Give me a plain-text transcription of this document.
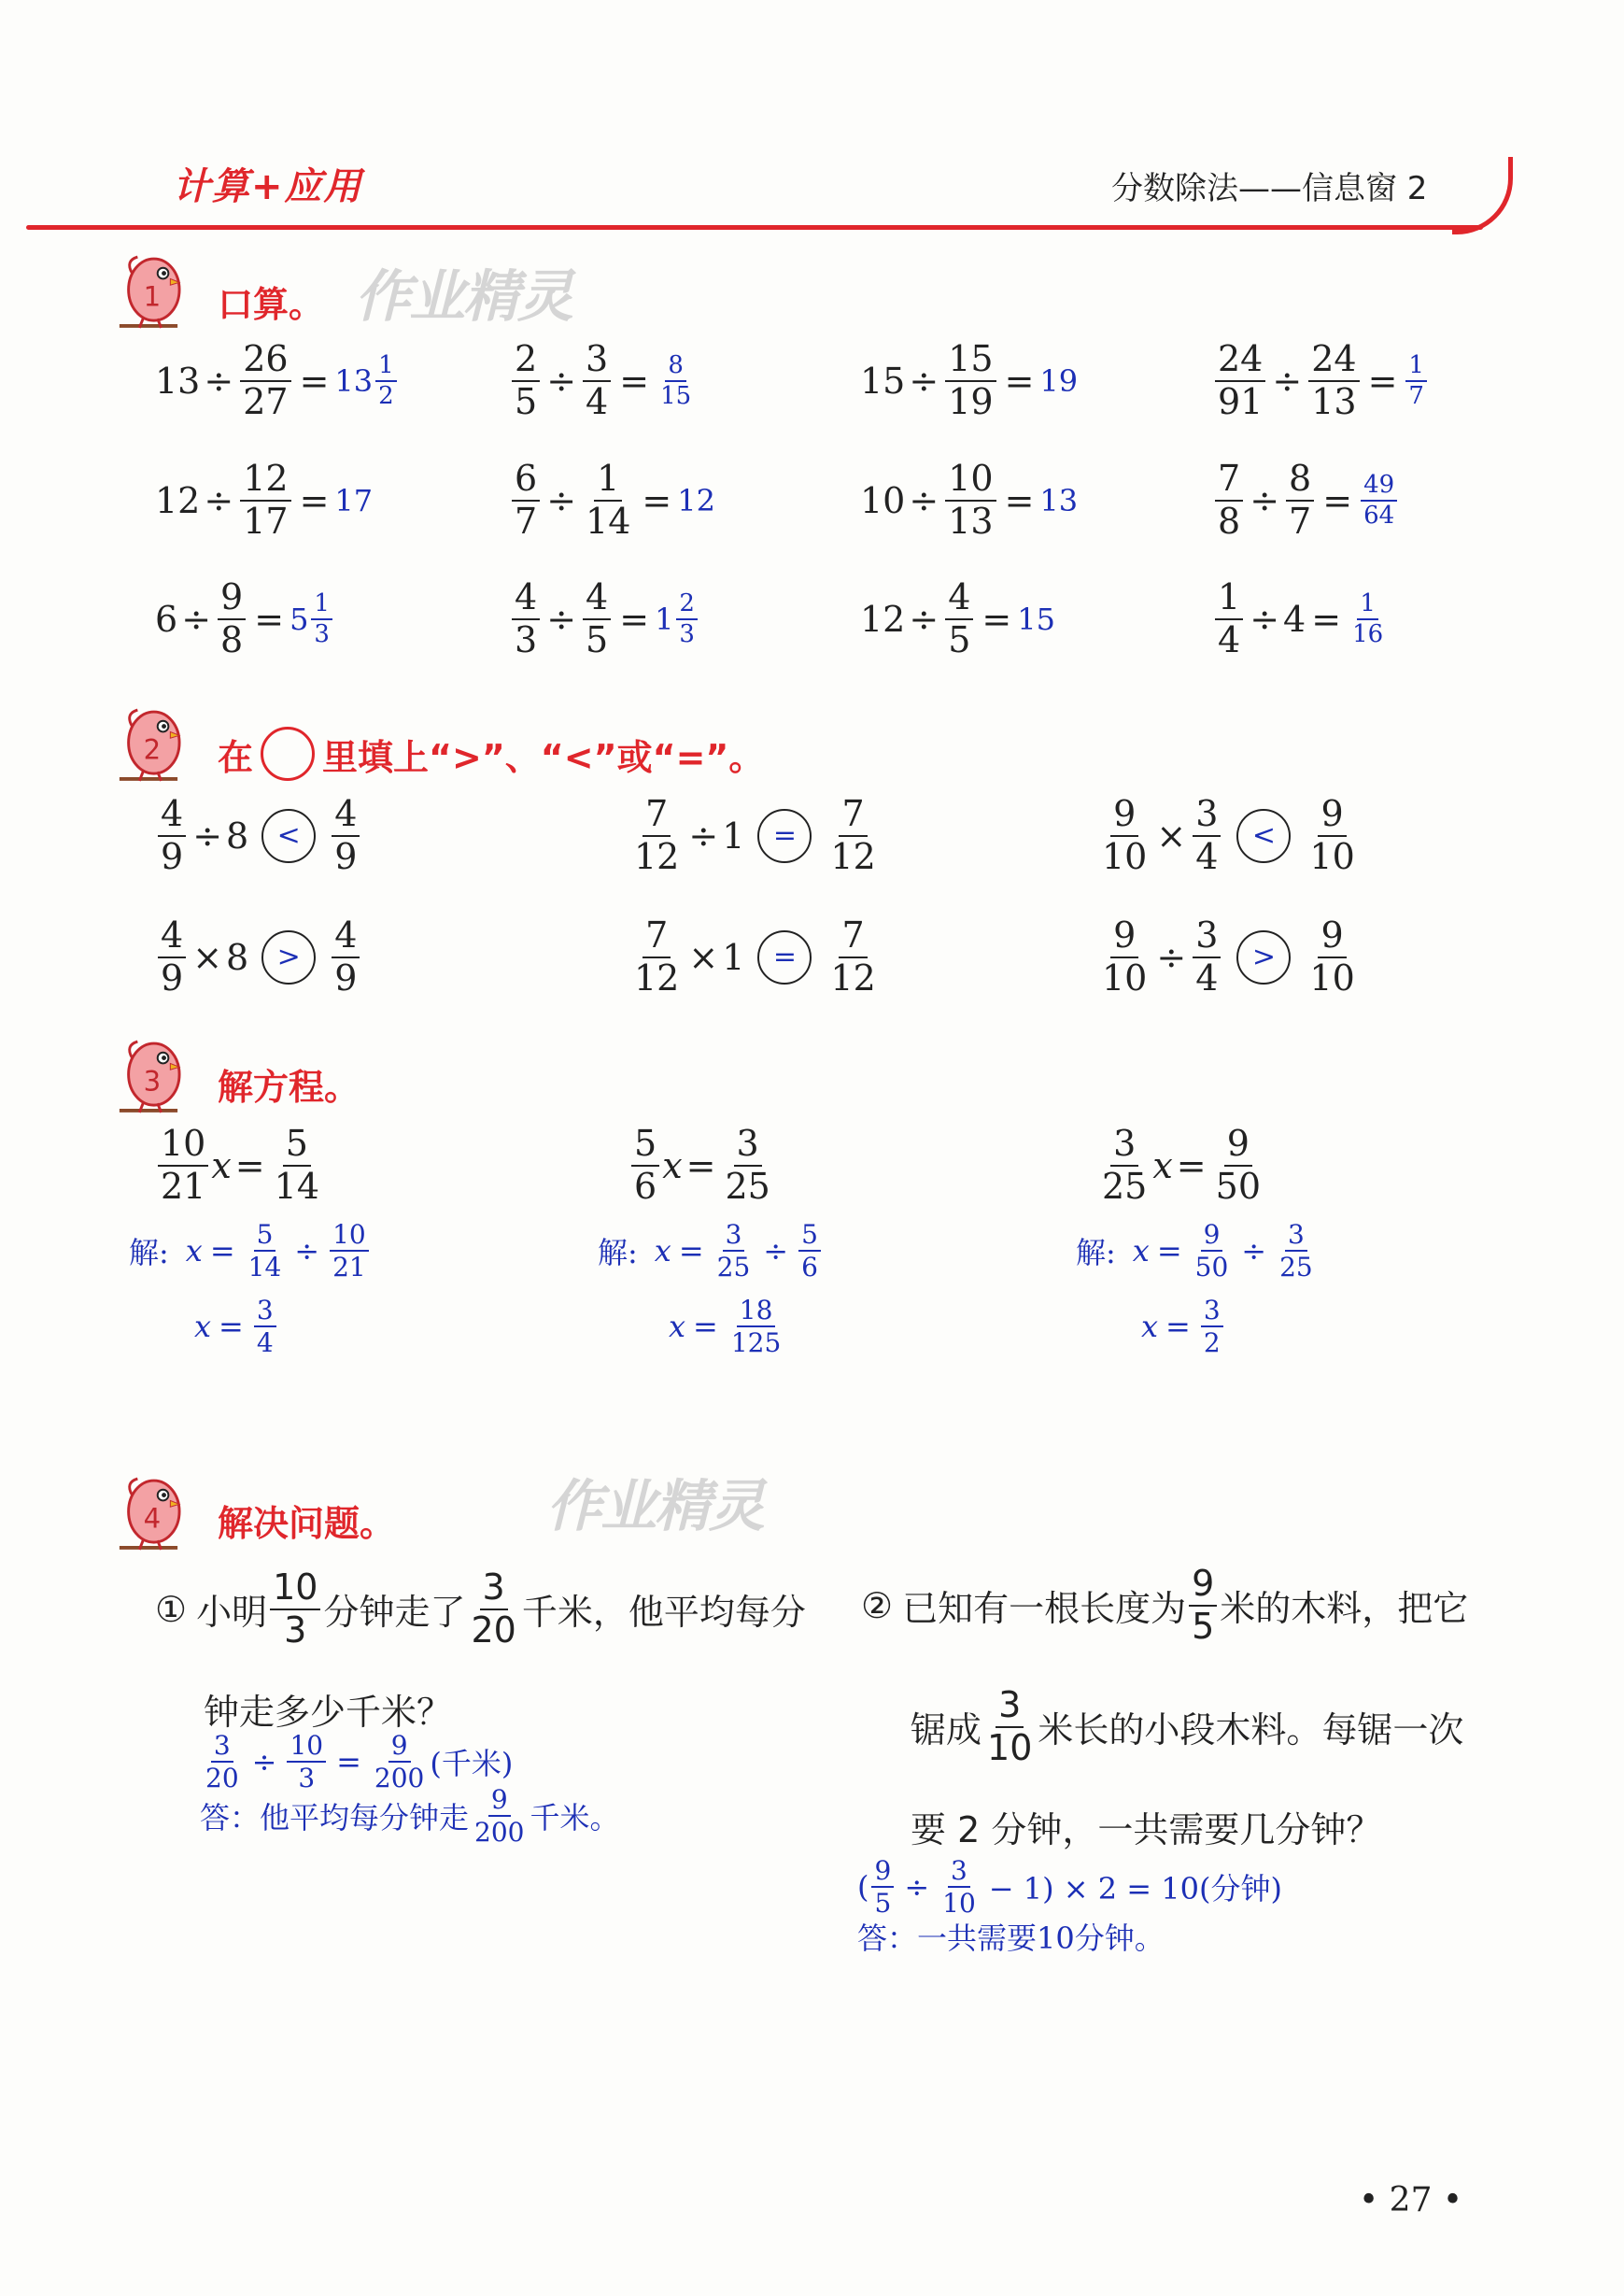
计算+应用	分数除法——信息窗 2
作业精灵
作业精灵
1 口算。
$13 \div \frac{26}{27} = 13 \frac{1}{2}$	$\frac{2}{5} \div \frac{3}{4} = \frac{8}{15}$	$15 \div \frac{15}{19} = 19$	$\frac{24}{91} \div \frac{24}{13} = \frac{1}{7}$
$12 \div \frac{12}{17} = 17$	$\frac{6}{7} \div \frac{1}{14} = 12$	$10 \div \frac{10}{13} = 13$	$\frac{7}{8} \div \frac{8}{7} = \frac{49}{64}$
$6 \div \frac{9}{8} = 5 \frac{1}{3}$	$\frac{4}{3} \div \frac{4}{5} = 1 \frac{2}{3}$	$12 \div \frac{4}{5} = 15$	$\frac{1}{4} \div 4 = \frac{1}{16}$
2 在 里填上“>”、“<”或“=”。
$\frac{4}{9} \div 8$	< $\frac{4}{9}$	$\frac{7}{12} \div 1$	= $\frac{7}{12}$	$\frac{9}{10} \times \frac{3}{4}$	< $\frac{9}{10}$
$\frac{4}{9} \times 8$	> $\frac{4}{9}$	$\frac{7}{12} \times 1$	= $\frac{7}{12}$	$\frac{9}{10} \div \frac{3}{4}$	> $\frac{9}{10}$
3 解方程。
$\frac{10}{21}$ $x = \frac{5}{14}$
解: $x = \frac{5}{14} \div \frac{10}{21}$
$x = \frac{3}{4}$
$\frac{5}{6}$ $x = \frac{3}{25}$
解: $x = \frac{3}{25} \div \frac{5}{6}$
$x = \frac{18}{125}$
$\frac{3}{25}$ $x = \frac{9}{50}$
解: $x = \frac{9}{50} \div \frac{3}{25}$
$x = \frac{3}{2}$
4 解决问题。
① 小明 $\frac{10}{3}$ 分钟走了 $\frac{3}{20}$ 千米，他平均每分
钟走多少千米？
$\frac{3}{20} \div \frac{10}{3} = \frac{9}{200}$ (千米)
答：他平均每分钟走 $\frac{9}{200}$ 千米。
② 已知有一根长度为 $\frac{9}{5}$ 米的木料，把它
锯成 $\frac{3}{10}$ 米长的小段木料。每锯一次
要 2 分钟，一共需要几分钟？
( $\frac{9}{5} \div \frac{3}{10} - 1) \times 2 = 10$(分钟)
答：一共需要10分钟。
• 27 •
